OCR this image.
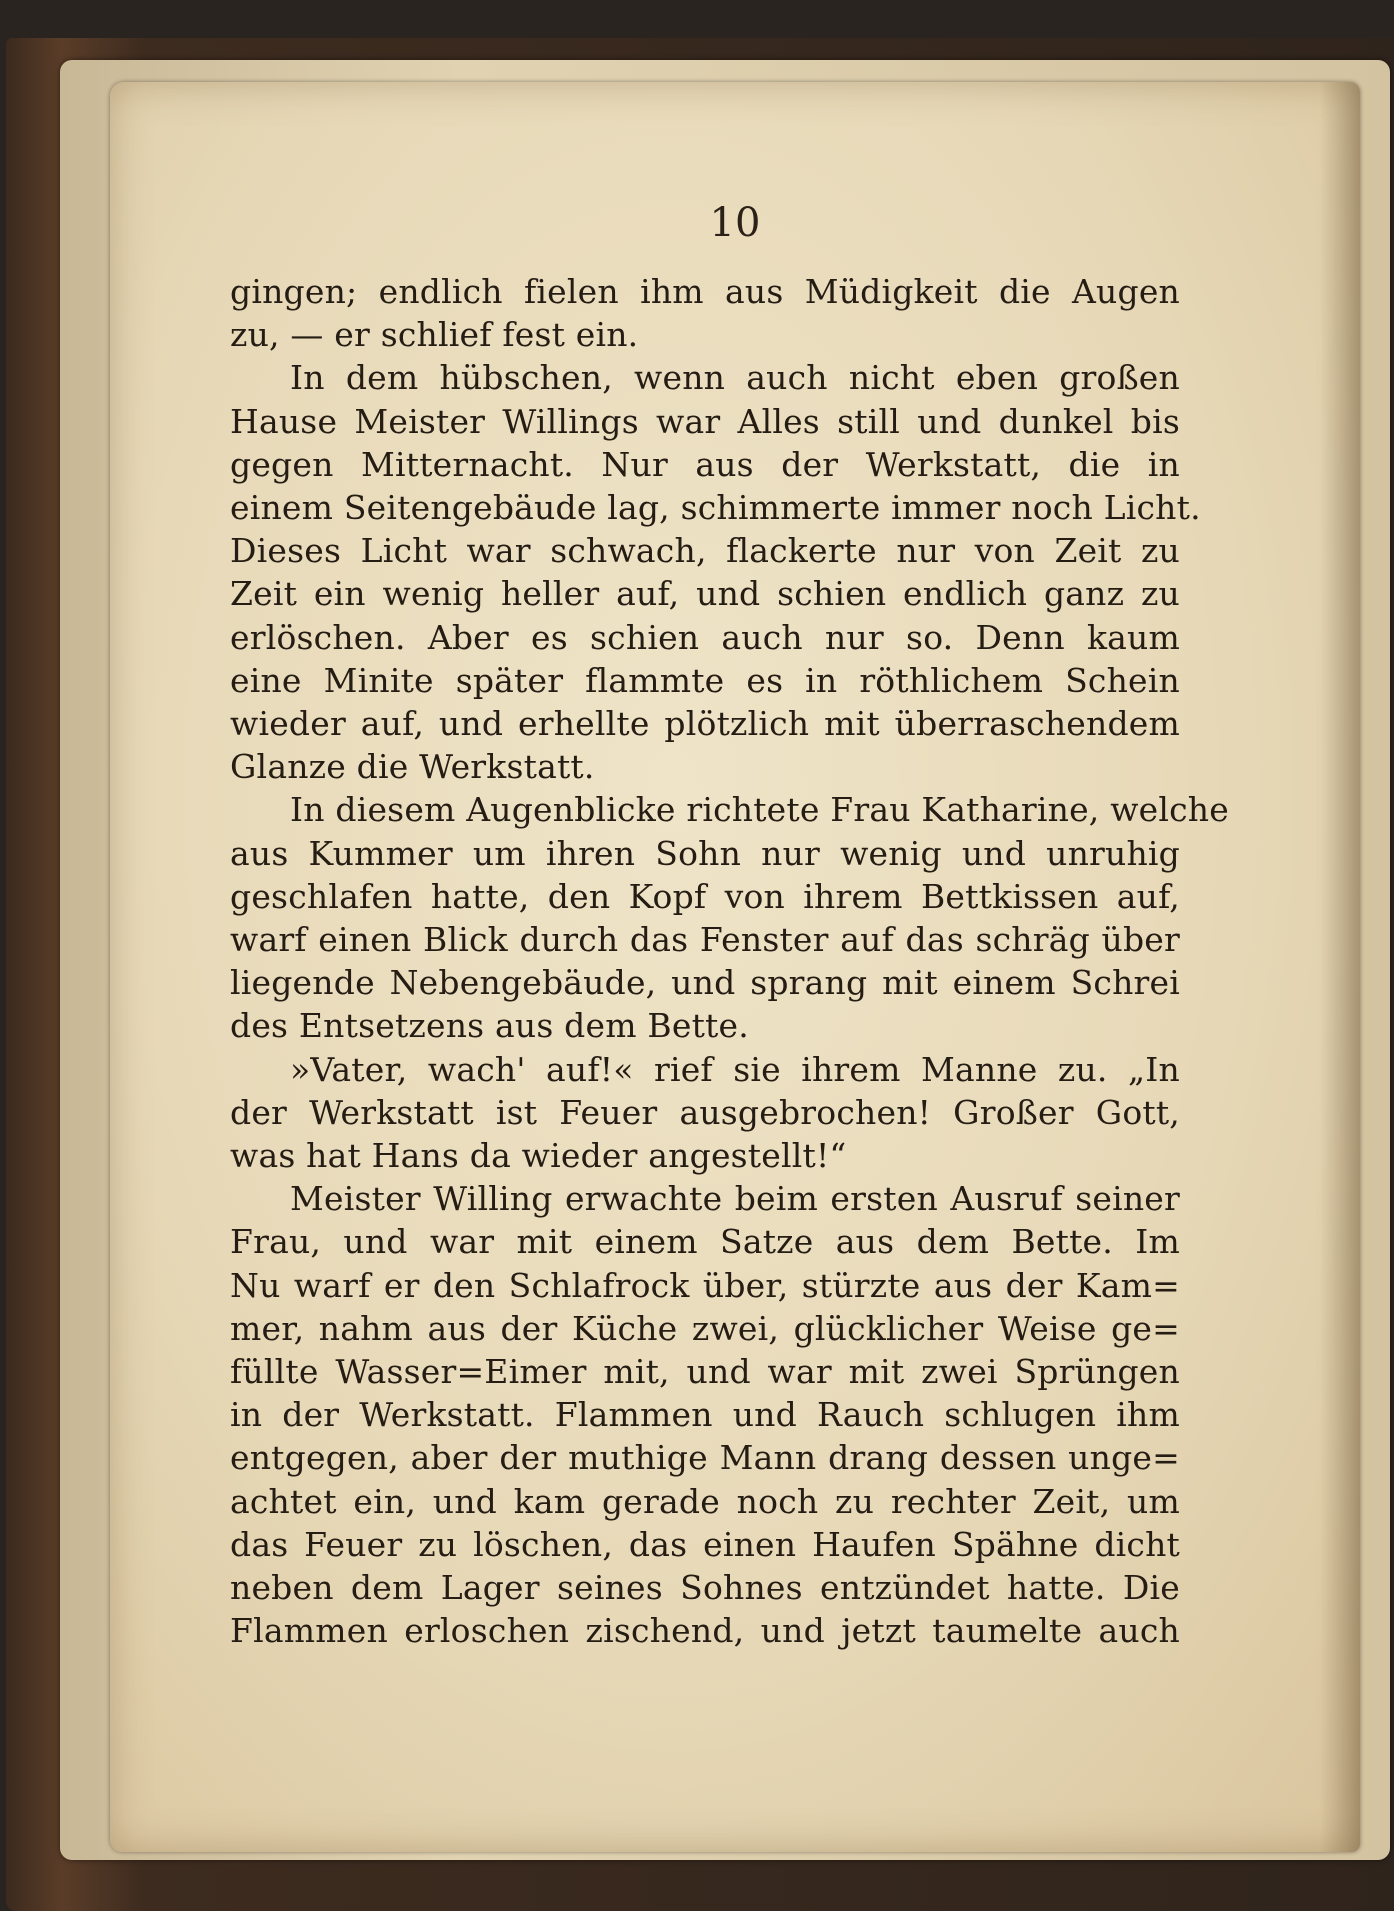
10
gingen; endlich fielen ihm aus Müdigkeit die Augen
zu, — er schlief fest ein.
In dem hübschen, wenn auch nicht eben großen
Hause Meister Willings war Alles still und dunkel bis
gegen Mitternacht. Nur aus der Werkstatt, die in
einem Seitengebäude lag, schimmerte immer noch Licht.
Dieses Licht war schwach, flackerte nur von Zeit zu
Zeit ein wenig heller auf, und schien endlich ganz zu
erlöschen. Aber es schien auch nur so. Denn kaum
eine Minite später flammte es in röthlichem Schein
wieder auf, und erhellte plötzlich mit überraschendem
Glanze die Werkstatt.
In diesem Augenblicke richtete Frau Katharine, welche
aus Kummer um ihren Sohn nur wenig und unruhig
geschlafen hatte, den Kopf von ihrem Bettkissen auf,
warf einen Blick durch das Fenster auf das schräg über
liegende Nebengebäude, und sprang mit einem Schrei
des Entsetzens aus dem Bette.
»Vater, wach' auf!« rief sie ihrem Manne zu. „In
der Werkstatt ist Feuer ausgebrochen! Großer Gott,
was hat Hans da wieder angestellt!“
Meister Willing erwachte beim ersten Ausruf seiner
Frau, und war mit einem Satze aus dem Bette. Im
Nu warf er den Schlafrock über, stürzte aus der Kam=
mer, nahm aus der Küche zwei, glücklicher Weise ge=
füllte Wasser=Eimer mit, und war mit zwei Sprüngen
in der Werkstatt. Flammen und Rauch schlugen ihm
entgegen, aber der muthige Mann drang dessen unge=
achtet ein, und kam gerade noch zu rechter Zeit, um
das Feuer zu löschen, das einen Haufen Spähne dicht
neben dem Lager seines Sohnes entzündet hatte. Die
Flammen erloschen zischend, und jetzt taumelte auch
